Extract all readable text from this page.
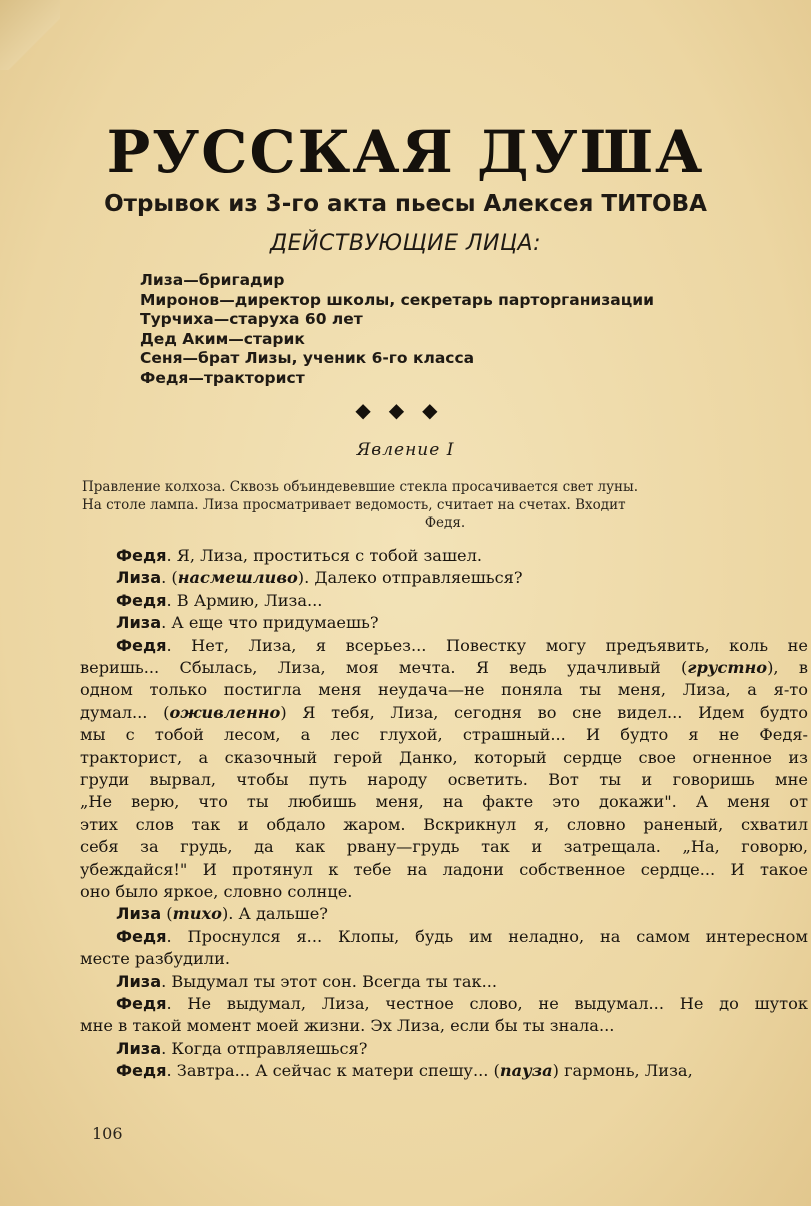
РУССКАЯ ДУША
Отрывок из 3-го акта пьесы Алексея ТИТОВА
ДЕЙСТВУЮЩИЕ ЛИЦА:
Лиза—бригадир
Миронов—директор школы, секретарь парторганизации
Турчиха—старуха 60 лет
Дед Аким—старик
Сеня—брат Лизы, ученик 6-го класса
Федя—тракторист
◆◆◆
Явление I
Правление колхоза. Сквозь объиндевевшие стекла просачивается свет луны.
На столе лампа. Лиза просматривает ведомость, считает на счетах. Входит
Федя.
Федя. Я, Лиза, проститься с тобой зашел.
Лиза. (насмешливо). Далеко отправляешься?
Федя. В Армию, Лиза...
Лиза. А еще что придумаешь?
Федя. Нет, Лиза, я всерьез... Повестку могу предъявить, коль не
веришь... Сбылась, Лиза, моя мечта. Я ведь удачливый (грустно), в
одном только постигла меня неудача—не поняла ты меня, Лиза, а я-то
думал... (оживленно) Я тебя, Лиза, сегодня во сне видел... Идем будто
мы с тобой лесом, а лес глухой, страшный... И будто я не Федя-
тракторист, а сказочный герой Данко, который сердце свое огненное из
груди вырвал, чтобы путь народу осветить. Вот ты и говоришь мне
„Не верю, что ты любишь меня, на факте это докажи". А меня от
этих слов так и обдало жаром. Вскрикнул я, словно раненый, схватил
себя за грудь, да как рвану—грудь так и затрещала. „На, говорю,
убеждайся!" И протянул к тебе на ладони собственное сердце... И такое
оно было яркое, словно солнце.
Лиза (тихо). А дальше?
Федя. Проснулся я... Клопы, будь им неладно, на самом интересном
месте разбудили.
Лиза. Выдумал ты этот сон. Всегда ты так...
Федя. Не выдумал, Лиза, честное слово, не выдумал... Не до шуток
мне в такой момент моей жизни. Эх Лиза, если бы ты знала...
Лиза. Когда отправляешься?
Федя. Завтра... А сейчас к матери спешу... (пауза) гармонь, Лиза,
106
